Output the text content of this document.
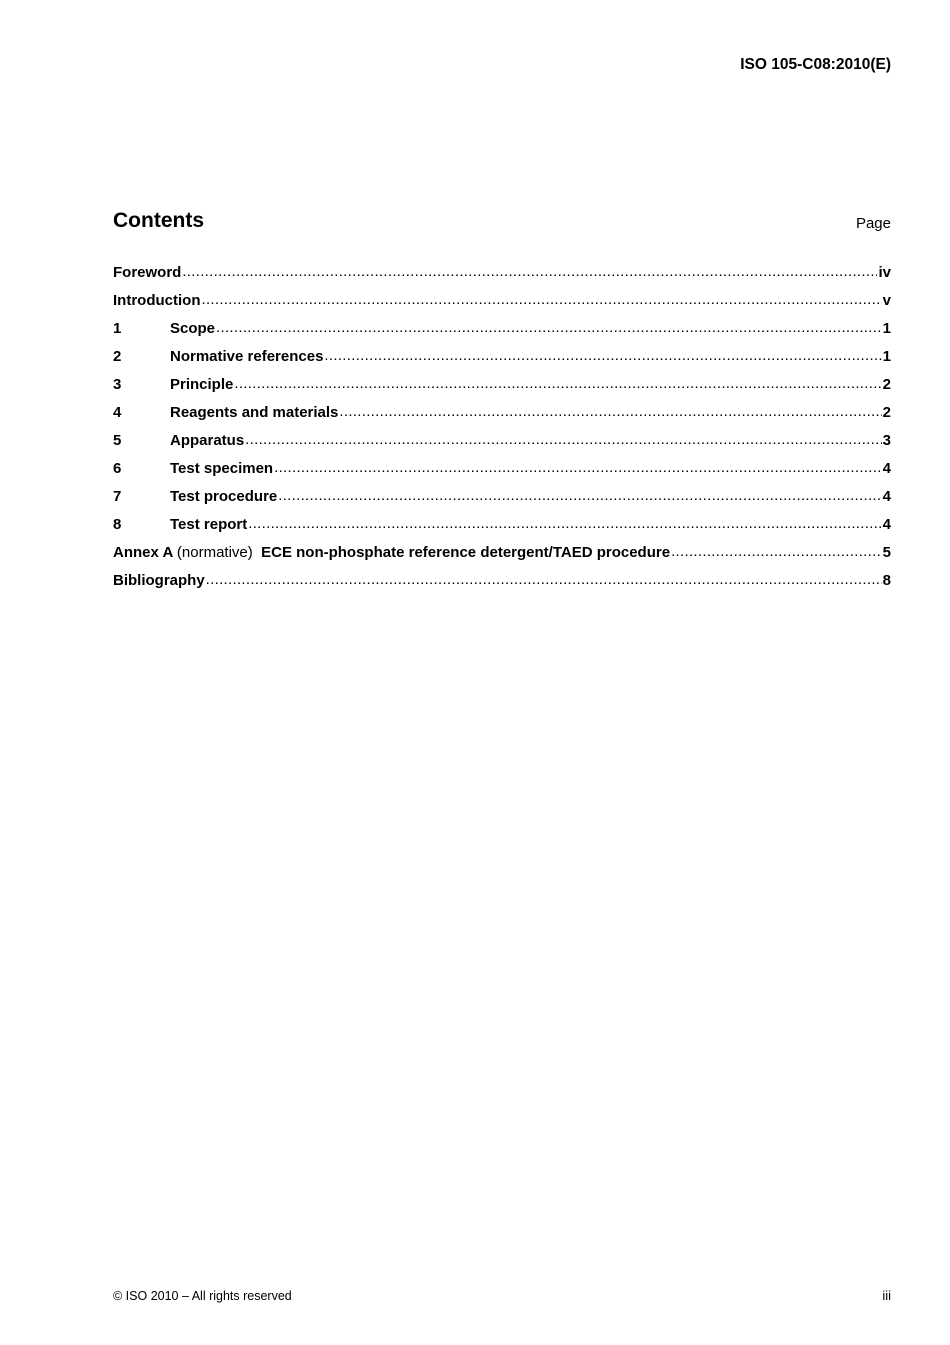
ISO 105-C08:2010(E)
Contents	Page
Foreword .....	iv
Introduction .....	v
1	Scope .....	1
2	Normative references .....	1
3	Principle .....	2
4	Reagents and materials .....	2
5	Apparatus .....	3
6	Test specimen .....	4
7	Test procedure .....	4
8	Test report .....	4
Annex A (normative) ECE non-phosphate reference detergent/TAED procedure .....	5
Bibliography .....	8
© ISO 2010 – All rights reserved	iii
